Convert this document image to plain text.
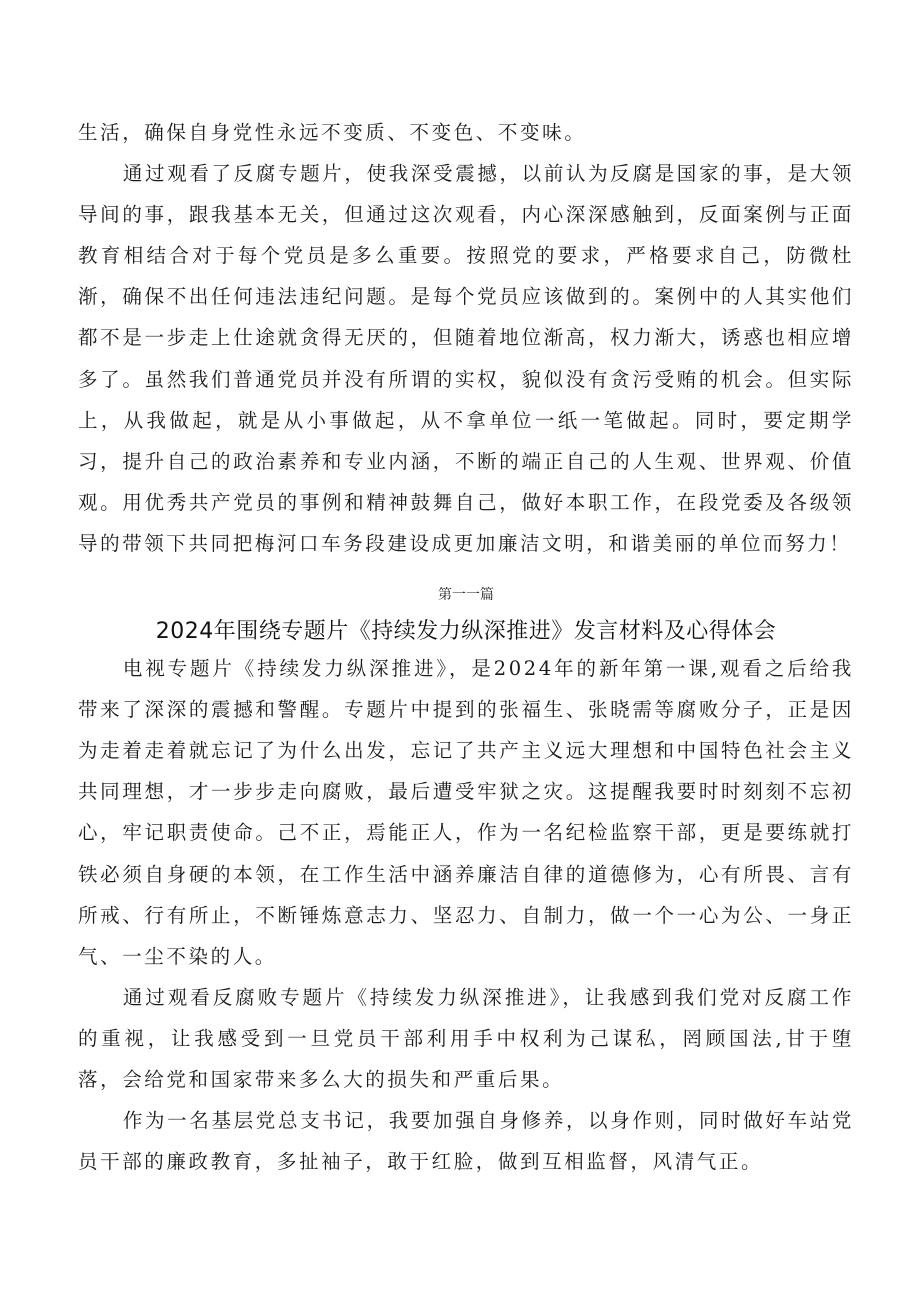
生活，确保自身党性永远不变质、不变色、不变味。

通过观看了反腐专题片，使我深受震撼，以前认为反腐是国家的事，是大领导间的事，跟我基本无关，但通过这次观看，内心深深感触到，反面案例与正面教育相结合对于每个党员是多么重要。按照党的要求，严格要求自己，防微杜渐，确保不出任何违法违纪问题。是每个党员应该做到的。案例中的人其实他们都不是一步走上仕途就贪得无厌的，但随着地位渐高，权力渐大，诱惑也相应增多了。虽然我们普通党员并没有所谓的实权，貌似没有贪污受贿的机会。但实际上，从我做起，就是从小事做起，从不拿单位一纸一笔做起。同时，要定期学习，提升自己的政治素养和专业内涵，不断的端正自己的人生观、世界观、价值观。用优秀共产党员的事例和精神鼓舞自己，做好本职工作，在段党委及各级领导的带领下共同把梅河口车务段建设成更加廉洁文明，和谐美丽的单位而努力！

第一一篇
2024年围绕专题片《持续发力纵深推进》发言材料及心得体会

电视专题片《持续发力纵深推进》，是2024年的新年第一课,观看之后给我带来了深深的震撼和警醒。专题片中提到的张福生、张晓需等腐败分子，正是因为走着走着就忘记了为什么出发，忘记了共产主义远大理想和中国特色社会主义共同理想，才一步步走向腐败，最后遭受牢狱之灾。这提醒我要时时刻刻不忘初心，牢记职责使命。己不正，焉能正人，作为一名纪检监察干部，更是要练就打铁必须自身硬的本领，在工作生活中涵养廉洁自律的道德修为，心有所畏、言有所戒、行有所止，不断锤炼意志力、坚忍力、自制力，做一个一心为公、一身正气、一尘不染的人。

通过观看反腐败专题片《持续发力纵深推进》，让我感到我们党对反腐工作的重视，让我感受到一旦党员干部利用手中权利为己谋私，罔顾国法,甘于堕落，会给党和国家带来多么大的损失和严重后果。

作为一名基层党总支书记，我要加强自身修养，以身作则，同时做好车站党员干部的廉政教育，多扯袖子，敢于红脸，做到互相监督，风清气正。
